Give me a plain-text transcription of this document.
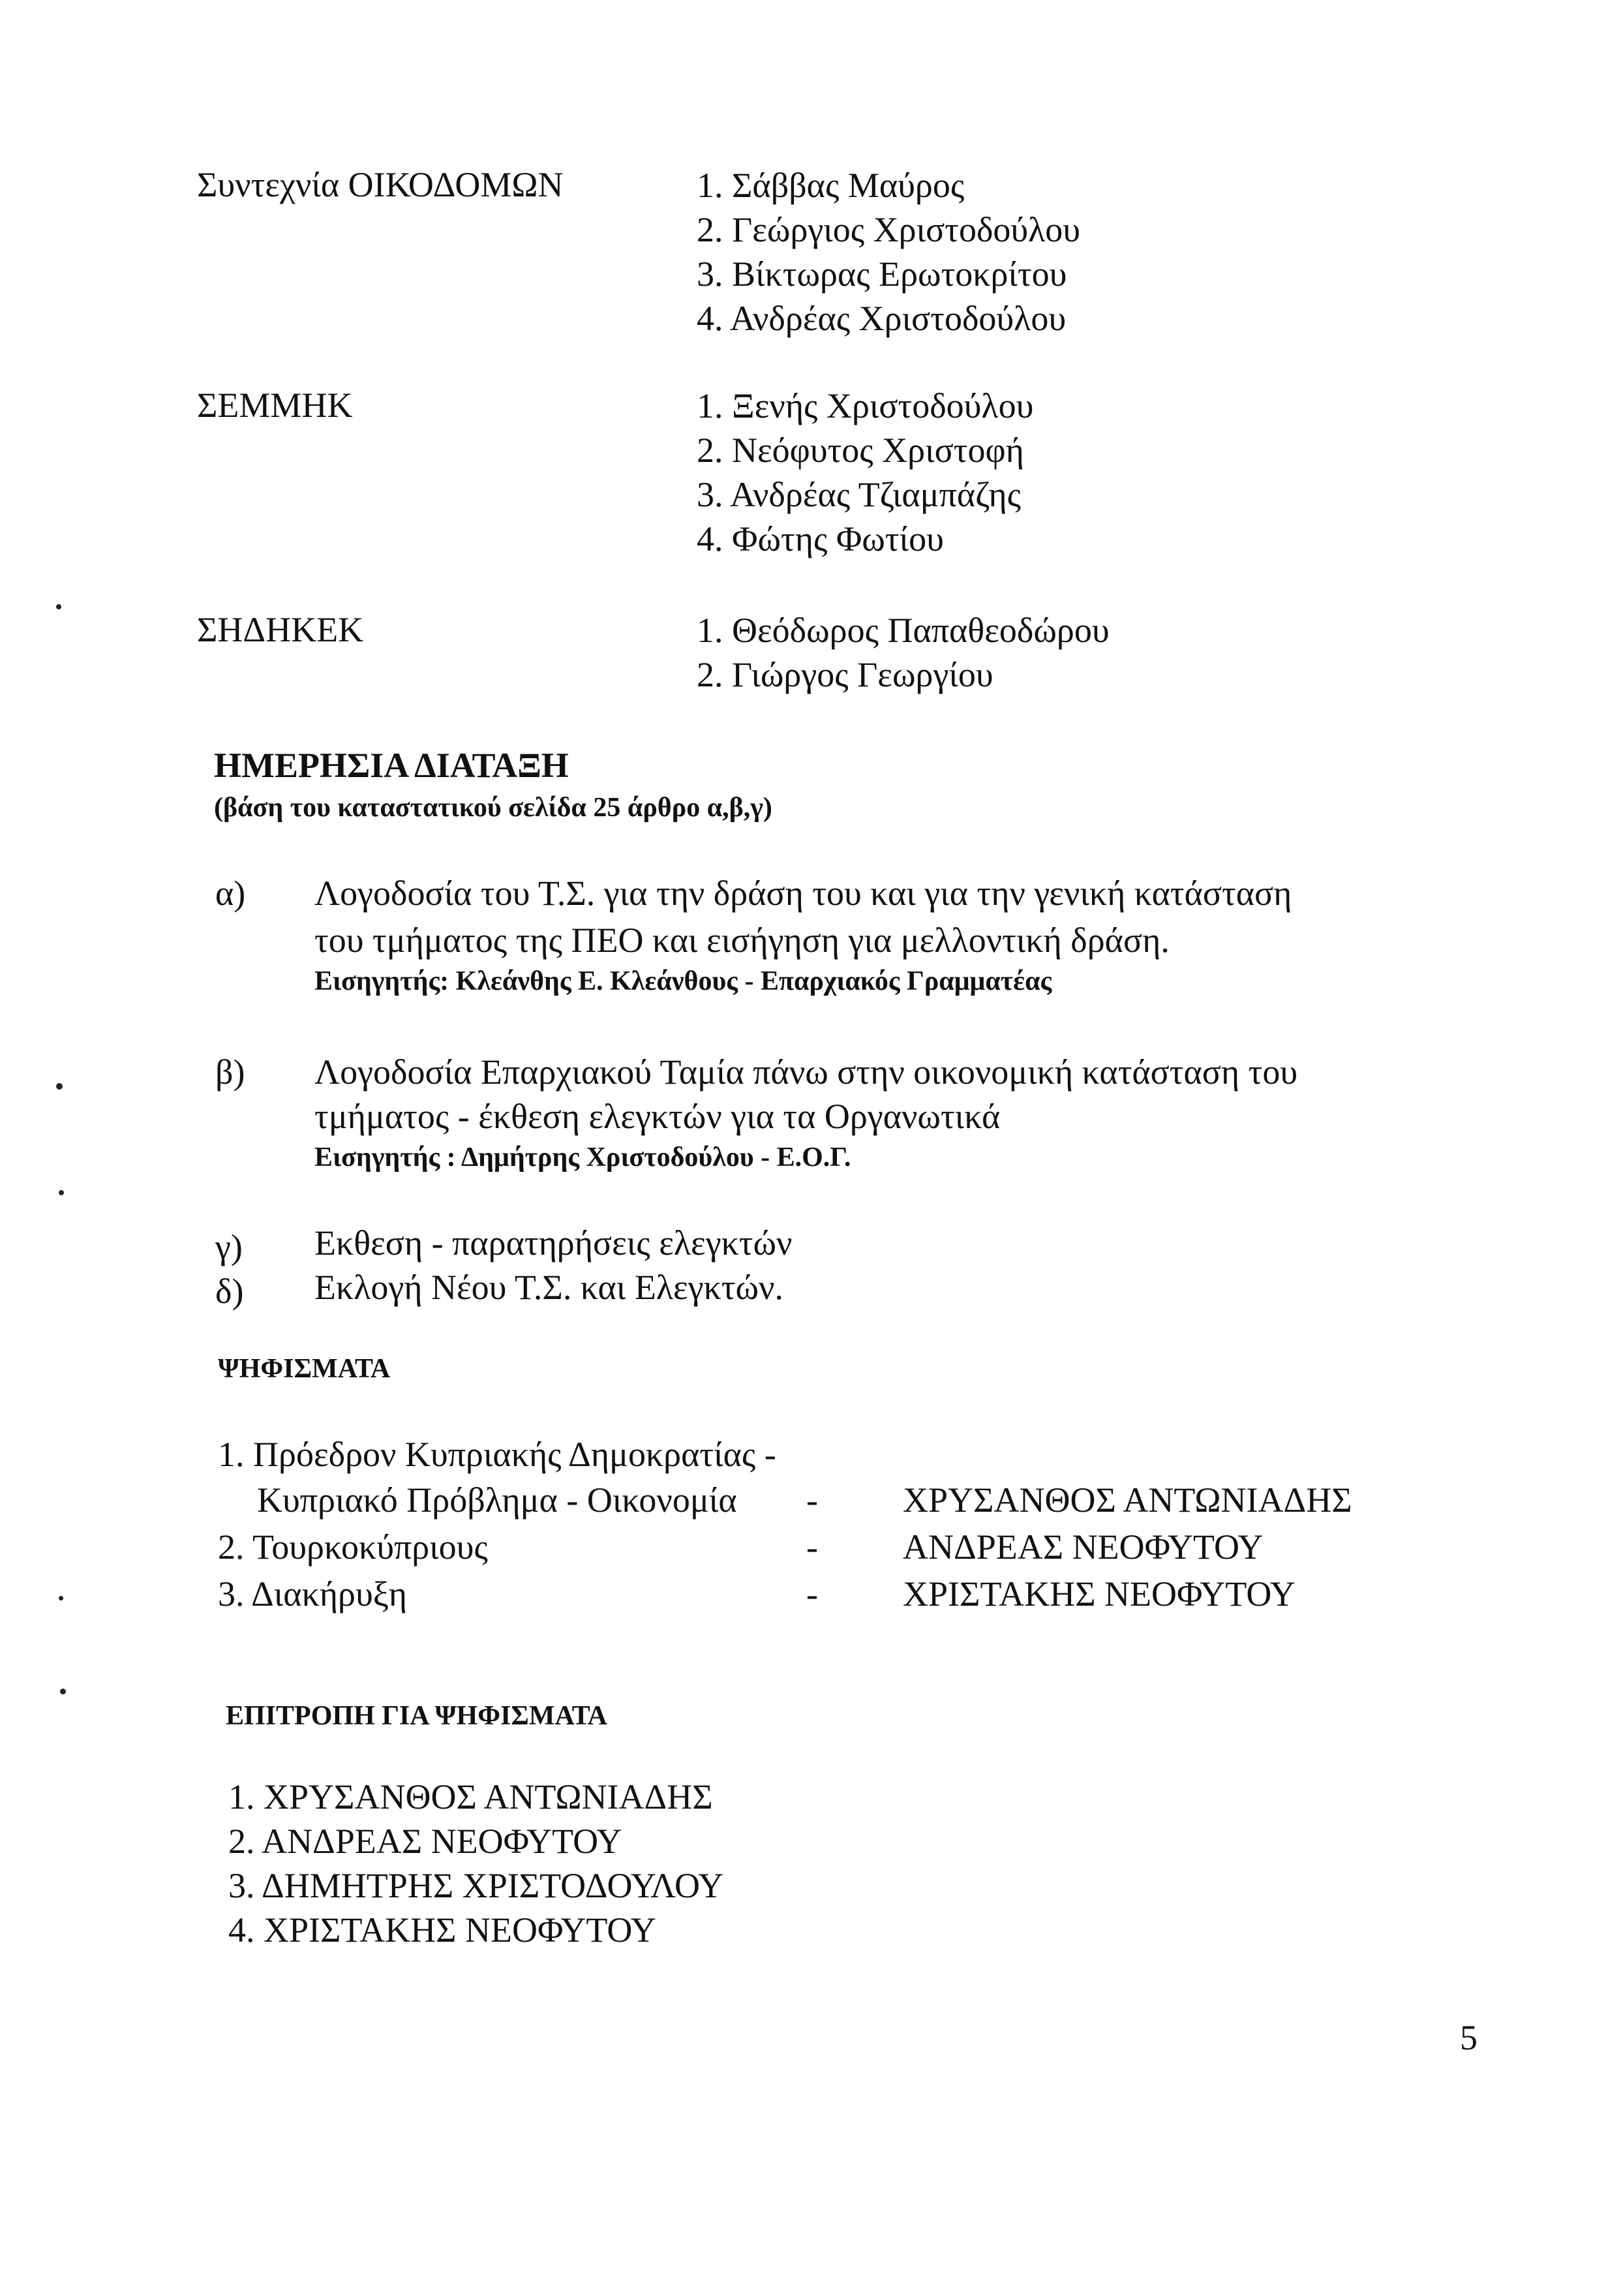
Συντεχνία ΟΙΚΟΔΟΜΩΝ	1. Σάββας Μαύρος
2. Γεώργιος Χριστοδούλου
3. Βίκτωρας Ερωτοκρίτου
4. Ανδρέας Χριστοδούλου
ΣΕΜΜΗΚ	1. Ξενής Χριστοδούλου
2. Νεόφυτος Χριστοφή
3. Ανδρέας Τζιαμπάζης
4. Φώτης Φωτίου
ΣΗΔΗΚΕΚ	1. Θεόδωρος Παπαθεοδώρου
2. Γιώργος Γεωργίου
ΗΜΕΡΗΣΙΑ ΔΙΑΤΑΞΗ
(βάση του καταστατικού σελίδα 25 άρθρο α,β,γ)
α) Λογοδοσία του Τ.Σ. για την δράση του και για την γενική κατάσταση
του τμήματος της ΠΕΟ και εισήγηση για μελλοντική δράση.
Εισηγητής: Κλεάνθης Ε. Κλεάνθους - Επαρχιακός Γραμματέας
β) Λογοδοσία Επαρχιακού Ταμία πάνω στην οικονομική κατάσταση του
τμήματος - έκθεση ελεγκτών για τα Οργανωτικά
Εισηγητής : Δημήτρης Χριστοδούλου - Ε.Ο.Γ.
γ) Εκθεση - παρατηρήσεις ελεγκτών
δ) Εκλογή Νέου Τ.Σ. και Ελεγκτών.
ΨΗΦΙΣΜΑΤΑ
1. Πρόεδρον Κυπριακής Δημοκρατίας -
Κυπριακό Πρόβλημα - Οικονομία - ΧΡΥΣΑΝΘΟΣ ΑΝΤΩΝΙΑΔΗΣ
2. Τουρκοκύπριους	- ΑΝΔΡΕΑΣ ΝΕΟΦΥΤΟΥ
3. Διακήρυξη	- ΧΡΙΣΤΑΚΗΣ ΝΕΟΦΥΤΟΥ
ΕΠΙΤΡΟΠΗ ΓΙΑ ΨΗΦΙΣΜΑΤΑ
1. ΧΡΥΣΑΝΘΟΣ ΑΝΤΩΝΙΑΔΗΣ
2. ΑΝΔΡΕΑΣ ΝΕΟΦΥΤΟΥ
3. ΔΗΜΗΤΡΗΣ ΧΡΙΣΤΟΔΟΥΛΟΥ
4. ΧΡΙΣΤΑΚΗΣ ΝΕΟΦΥΤΟΥ
5
